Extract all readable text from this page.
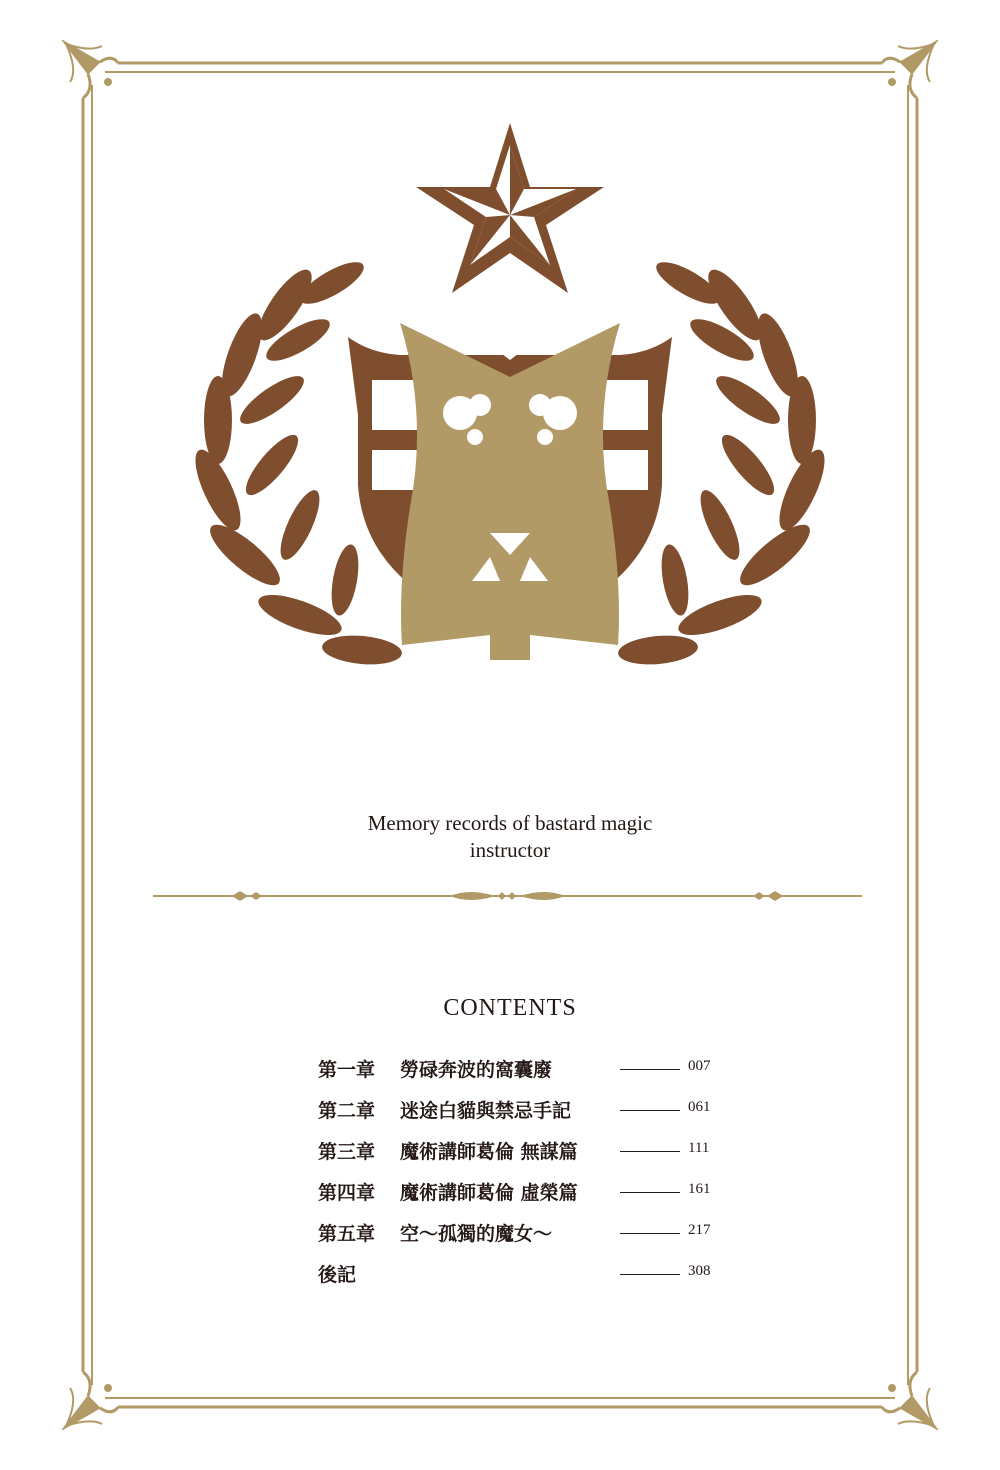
Memory records of bastard magic
instructor
CONTENTS
第一章 勞碌奔波的窩囊廢	007
第二章 迷途白貓與禁忌手記	061
第三章 魔術講師葛倫 無謀篇	111
第四章 魔術講師葛倫 虛榮篇	161
第五章 空～孤獨的魔女～	217
後記	308
